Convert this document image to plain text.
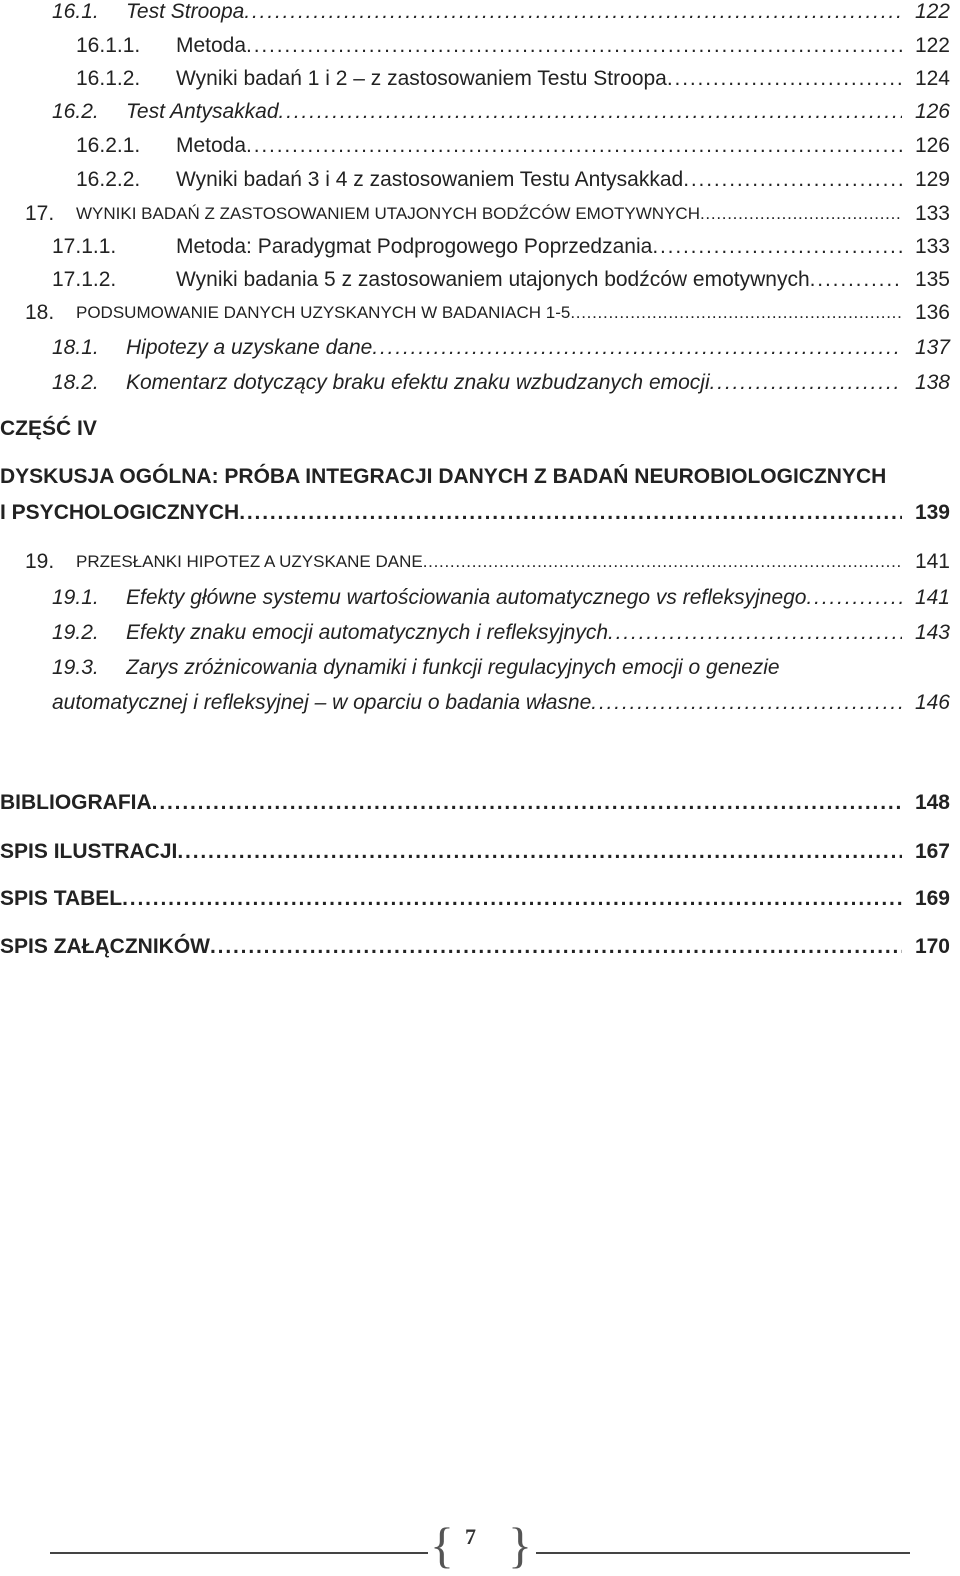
16.1. Test Stroopa . . .	122
16.1.1. Metoda . . .	122
16.1.2. Wyniki badań 1 i 2 – z zastosowaniem Testu Stroopa . . .	124
16.2. Test Antysakkad . . .	126
16.2.1. Metoda . . .	126
16.2.2. Wyniki badań 3 i 4 z zastosowaniem Testu Antysakkad . . .	129
17. WYNIKI BADAŃ Z ZASTOSOWANIEM UTAJONYCH BODŹCÓW EMOTYWNYCH . . .	133
17.1.1.	Metoda: Paradygmat Podprogowego Poprzedzania . . .	133
17.1.2.	Wyniki badania 5 z zastosowaniem utajonych bodźców emotywnych . . .	135
18. PODSUMOWANIE DANYCH UZYSKANYCH W BADANIACH 1-5 . . .	136
18.1. Hipotezy a uzyskane dane . . .	137
18.2. Komentarz dotyczący braku efektu znaku wzbudzanych emocji . . .	138
CZĘŚĆ IV
DYSKUSJA OGÓLNA: PRÓBA INTEGRACJI DANYCH Z BADAŃ NEUROBIOLOGICZNYCH
I PSYCHOLOGICZNYCH . . .	139
19. PRZESŁANKI HIPOTEZ A UZYSKANE DANE . . .	141
19.1. Efekty główne systemu wartościowania automatycznego vs refleksyjnego . . .	141
19.2. Efekty znaku emocji automatycznych i refleksyjnych . . .	143
19.3. Zarys zróżnicowania dynamiki i funkcji regulacyjnych emocji o genezie
automatycznej i refleksyjnej – w oparciu o badania własne . . .	146
BIBLIOGRAFIA . . .	148
SPIS ILUSTRACJI . . .	167
SPIS TABEL . . .	169
SPIS ZAŁĄCZNIKÓW . . .	170
{ 7 }
